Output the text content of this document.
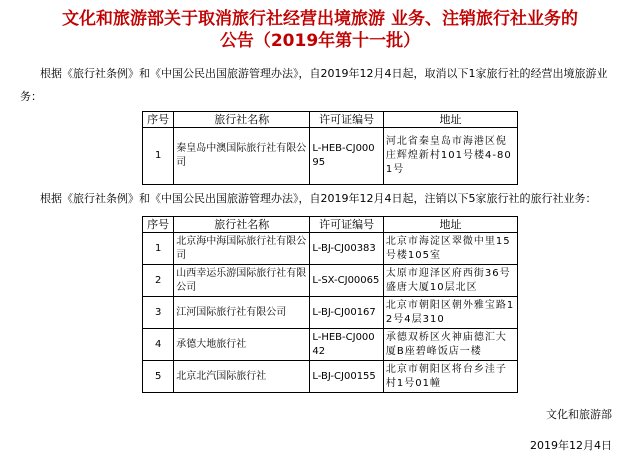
文化和旅游部关于取消旅行社经营出境旅游 业务、注销旅行社业务的公告（2019年第十一批）
根据《旅行社条例》和《中国公民出国旅游管理办法》，自2019年12月4日起，取消以下1家旅行社的经营出境旅游业务：
序号	旅行社名称	许可证编号	地址
1	秦皇岛中澳国际旅行社有限公司	L-HEB-CJ00095	河北省秦皇岛市海港区倪庄辉煌新村101号楼4-801号
根据《旅行社条例》和《中国公民出国旅游管理办法》，自2019年12月4日起，注销以下5家旅行社的旅行社业务：
序号	旅行社名称	许可证编号	地址
1	北京海中海国际旅行社有限公司	L-BJ-CJ00383	北京市海淀区翠微中里15号楼105室
2	山西幸运乐游国际旅行社有限公司	L-SX-CJ00065	太原市迎泽区府西街36号盛唐大厦10层北区
3	江河国际旅行社有限公司	L-BJ-CJ00167	北京市朝阳区朝外雅宝路12号4层310
4	承德大地旅行社	L-HEB-CJ00042	承德双桥区火神庙德汇大厦B座碧峰饭店一楼
5	北京北汽国际旅行社	L-BJ-CJ00155	北京市朝阳区将台乡洼子村1号01幢
文化和旅游部
2019年12月4日
